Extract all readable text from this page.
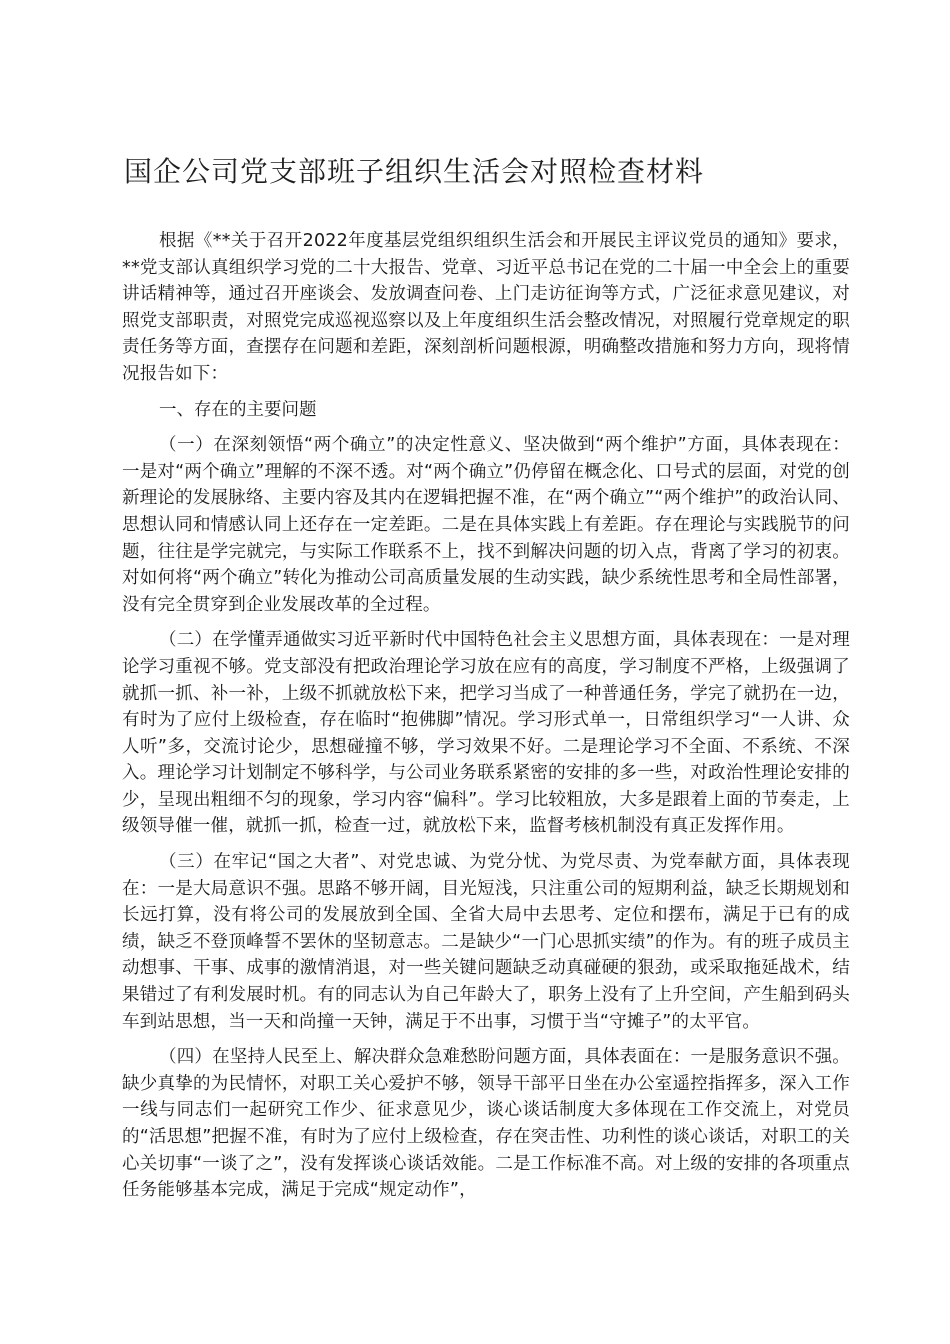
国企公司党支部班子组织生活会对照检查材料

根据《**关于召开2022年度基层党组织组织生活会和开展民主评议党员的通知》要求，**党支部认真组织学习党的二十大报告、党章、习近平总书记在党的二十届一中全会上的重要讲话精神等，通过召开座谈会、发放调查问卷、上门走访征询等方式，广泛征求意见建议，对照党支部职责，对照党完成巡视巡察以及上年度组织生活会整改情况，对照履行党章规定的职责任务等方面，查摆存在问题和差距，深刻剖析问题根源，明确整改措施和努力方向，现将情况报告如下：

一、存在的主要问题

（一）在深刻领悟“两个确立”的决定性意义、坚决做到“两个维护”方面，具体表现在：一是对“两个确立”理解的不深不透。对“两个确立”仍停留在概念化、口号式的层面，对党的创新理论的发展脉络、主要内容及其内在逻辑把握不准，在“两个确立”“两个维护”的政治认同、思想认同和情感认同上还存在一定差距。二是在具体实践上有差距。存在理论与实践脱节的问题，往往是学完就完，与实际工作联系不上，找不到解决问题的切入点，背离了学习的初衷。对如何将“两个确立”转化为推动公司高质量发展的生动实践，缺少系统性思考和全局性部署，没有完全贯穿到企业发展改革的全过程。

（二）在学懂弄通做实习近平新时代中国特色社会主义思想方面，具体表现在：一是对理论学习重视不够。党支部没有把政治理论学习放在应有的高度，学习制度不严格，上级强调了就抓一抓、补一补，上级不抓就放松下来，把学习当成了一种普通任务，学完了就扔在一边，有时为了应付上级检查，存在临时“抱佛脚”情况。学习形式单一，日常组织学习“一人讲、众人听”多，交流讨论少，思想碰撞不够，学习效果不好。二是理论学习不全面、不系统、不深入。理论学习计划制定不够科学，与公司业务联系紧密的安排的多一些，对政治性理论安排的少，呈现出粗细不匀的现象，学习内容“偏科”。学习比较粗放，大多是跟着上面的节奏走，上级领导催一催，就抓一抓，检查一过，就放松下来，监督考核机制没有真正发挥作用。

（三）在牢记“国之大者”、对党忠诚、为党分忧、为党尽责、为党奉献方面，具体表现在：一是大局意识不强。思路不够开阔，目光短浅，只注重公司的短期利益，缺乏长期规划和长远打算，没有将公司的发展放到全国、全省大局中去思考、定位和摆布，满足于已有的成绩，缺乏不登顶峰誓不罢休的坚韧意志。二是缺少“一门心思抓实绩”的作为。有的班子成员主动想事、干事、成事的激情消退，对一些关键问题缺乏动真碰硬的狠劲，或采取拖延战术，结果错过了有利发展时机。有的同志认为自己年龄大了，职务上没有了上升空间，产生船到码头车到站思想，当一天和尚撞一天钟，满足于不出事，习惯于当“守摊子”的太平官。

（四）在坚持人民至上、解决群众急难愁盼问题方面，具体表面在：一是服务意识不强。缺少真挚的为民情怀，对职工关心爱护不够，领导干部平日坐在办公室遥控指挥多，深入工作一线与同志们一起研究工作少、征求意见少，谈心谈话制度大多体现在工作交流上，对党员的“活思想”把握不准，有时为了应付上级检查，存在突击性、功利性的谈心谈话，对职工的关心关切事“一谈了之”，没有发挥谈心谈话效能。二是工作标准不高。对上级的安排的各项重点任务能够基本完成，满足于完成“规定动作”，
